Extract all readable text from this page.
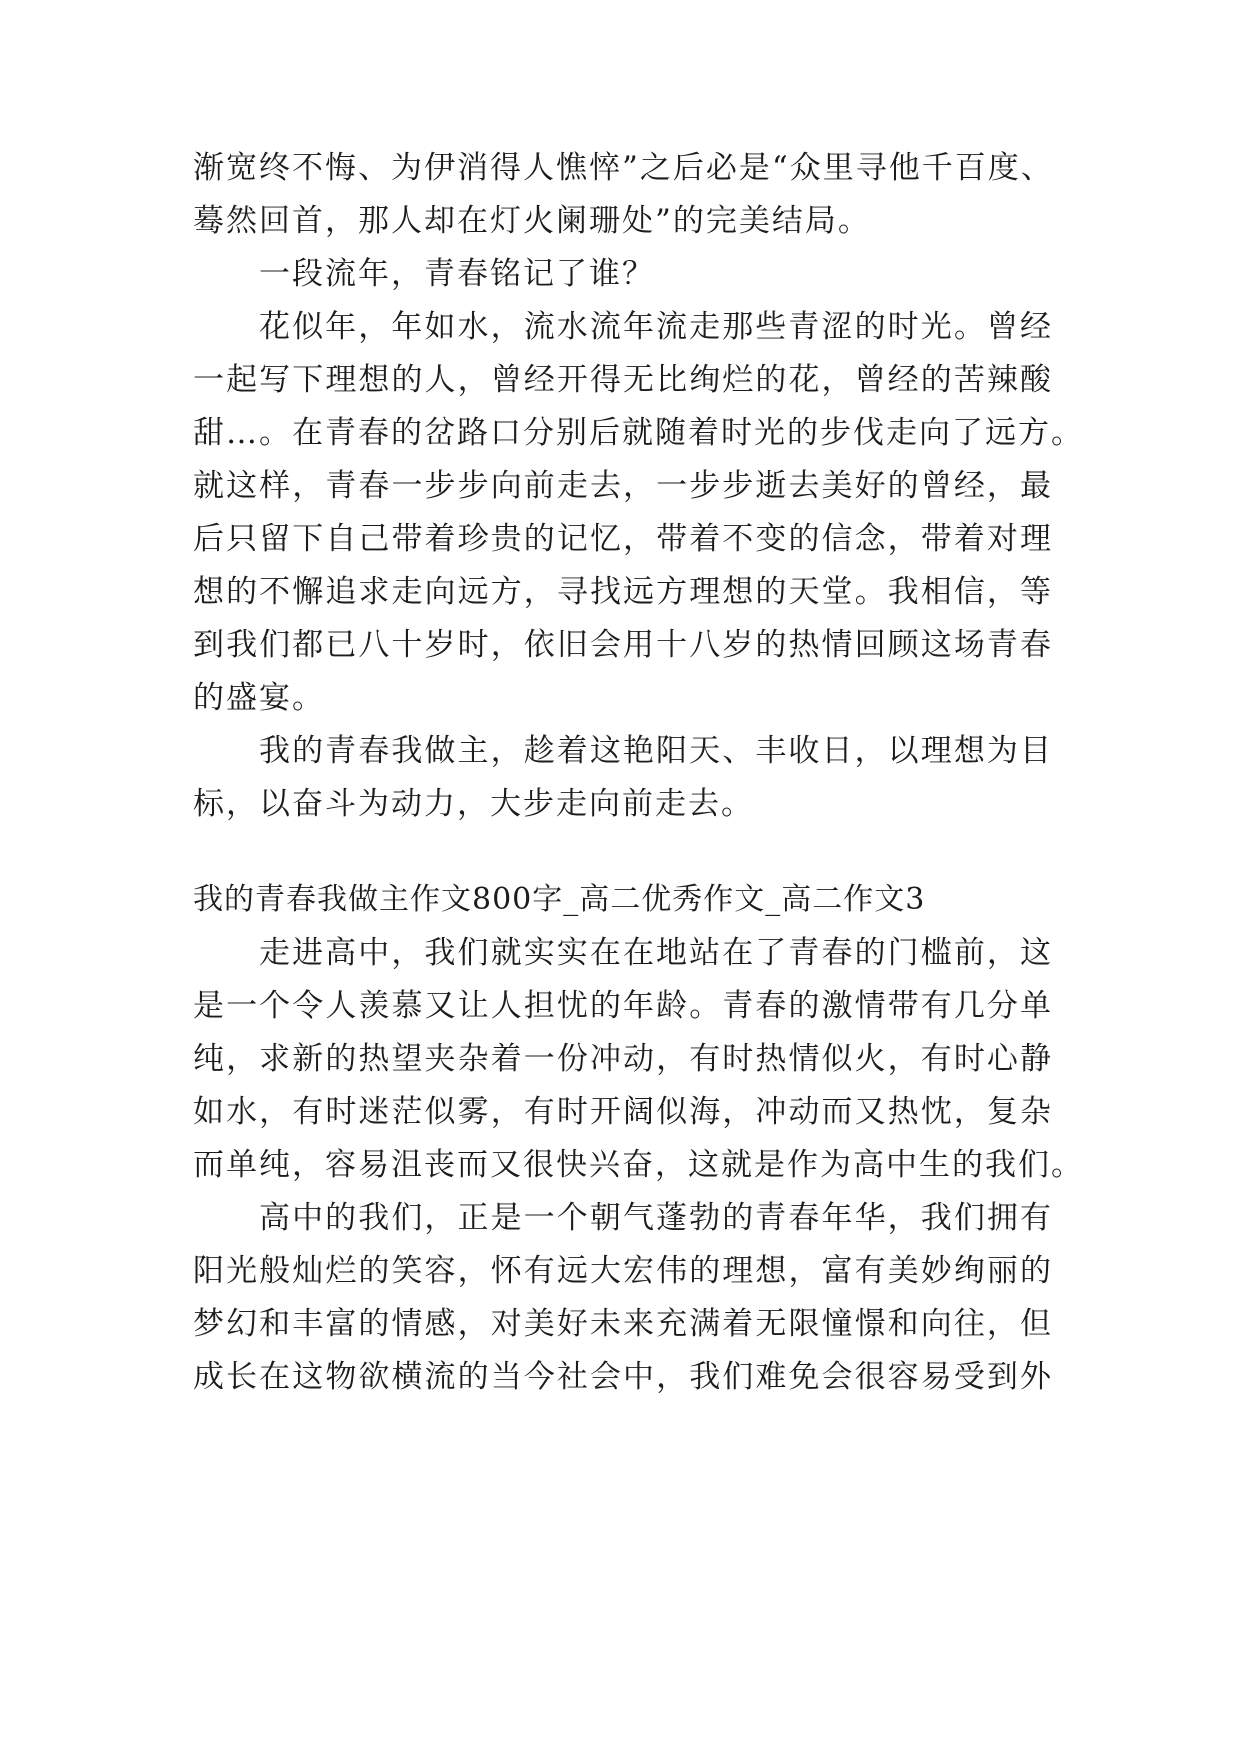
渐宽终不悔、为伊消得人憔悴”之后必是“众里寻他千百度、
蓦然回首，那人却在灯火阑珊处”的完美结局。
一段流年，青春铭记了谁？
花似年，年如水，流水流年流走那些青涩的时光。曾经
一起写下理想的人，曾经开得无比绚烂的花，曾经的苦辣酸
甜…。在青春的岔路口分别后就随着时光的步伐走向了远方。
就这样，青春一步步向前走去，一步步逝去美好的曾经，最
后只留下自己带着珍贵的记忆，带着不变的信念，带着对理
想的不懈追求走向远方，寻找远方理想的天堂。我相信，等
到我们都已八十岁时，依旧会用十八岁的热情回顾这场青春
的盛宴。
我的青春我做主，趁着这艳阳天、丰收日，以理想为目
标，以奋斗为动力，大步走向前走去。
我的青春我做主作文800字_高二优秀作文_高二作文3
走进高中，我们就实实在在地站在了青春的门槛前，这
是一个令人羡慕又让人担忧的年龄。青春的激情带有几分单
纯，求新的热望夹杂着一份冲动，有时热情似火，有时心静
如水，有时迷茫似雾，有时开阔似海，冲动而又热忱，复杂
而单纯，容易沮丧而又很快兴奋，这就是作为高中生的我们。
高中的我们，正是一个朝气蓬勃的青春年华，我们拥有
阳光般灿烂的笑容，怀有远大宏伟的理想，富有美妙绚丽的
梦幻和丰富的情感，对美好未来充满着无限憧憬和向往，但
成长在这物欲横流的当今社会中，我们难免会很容易受到外
